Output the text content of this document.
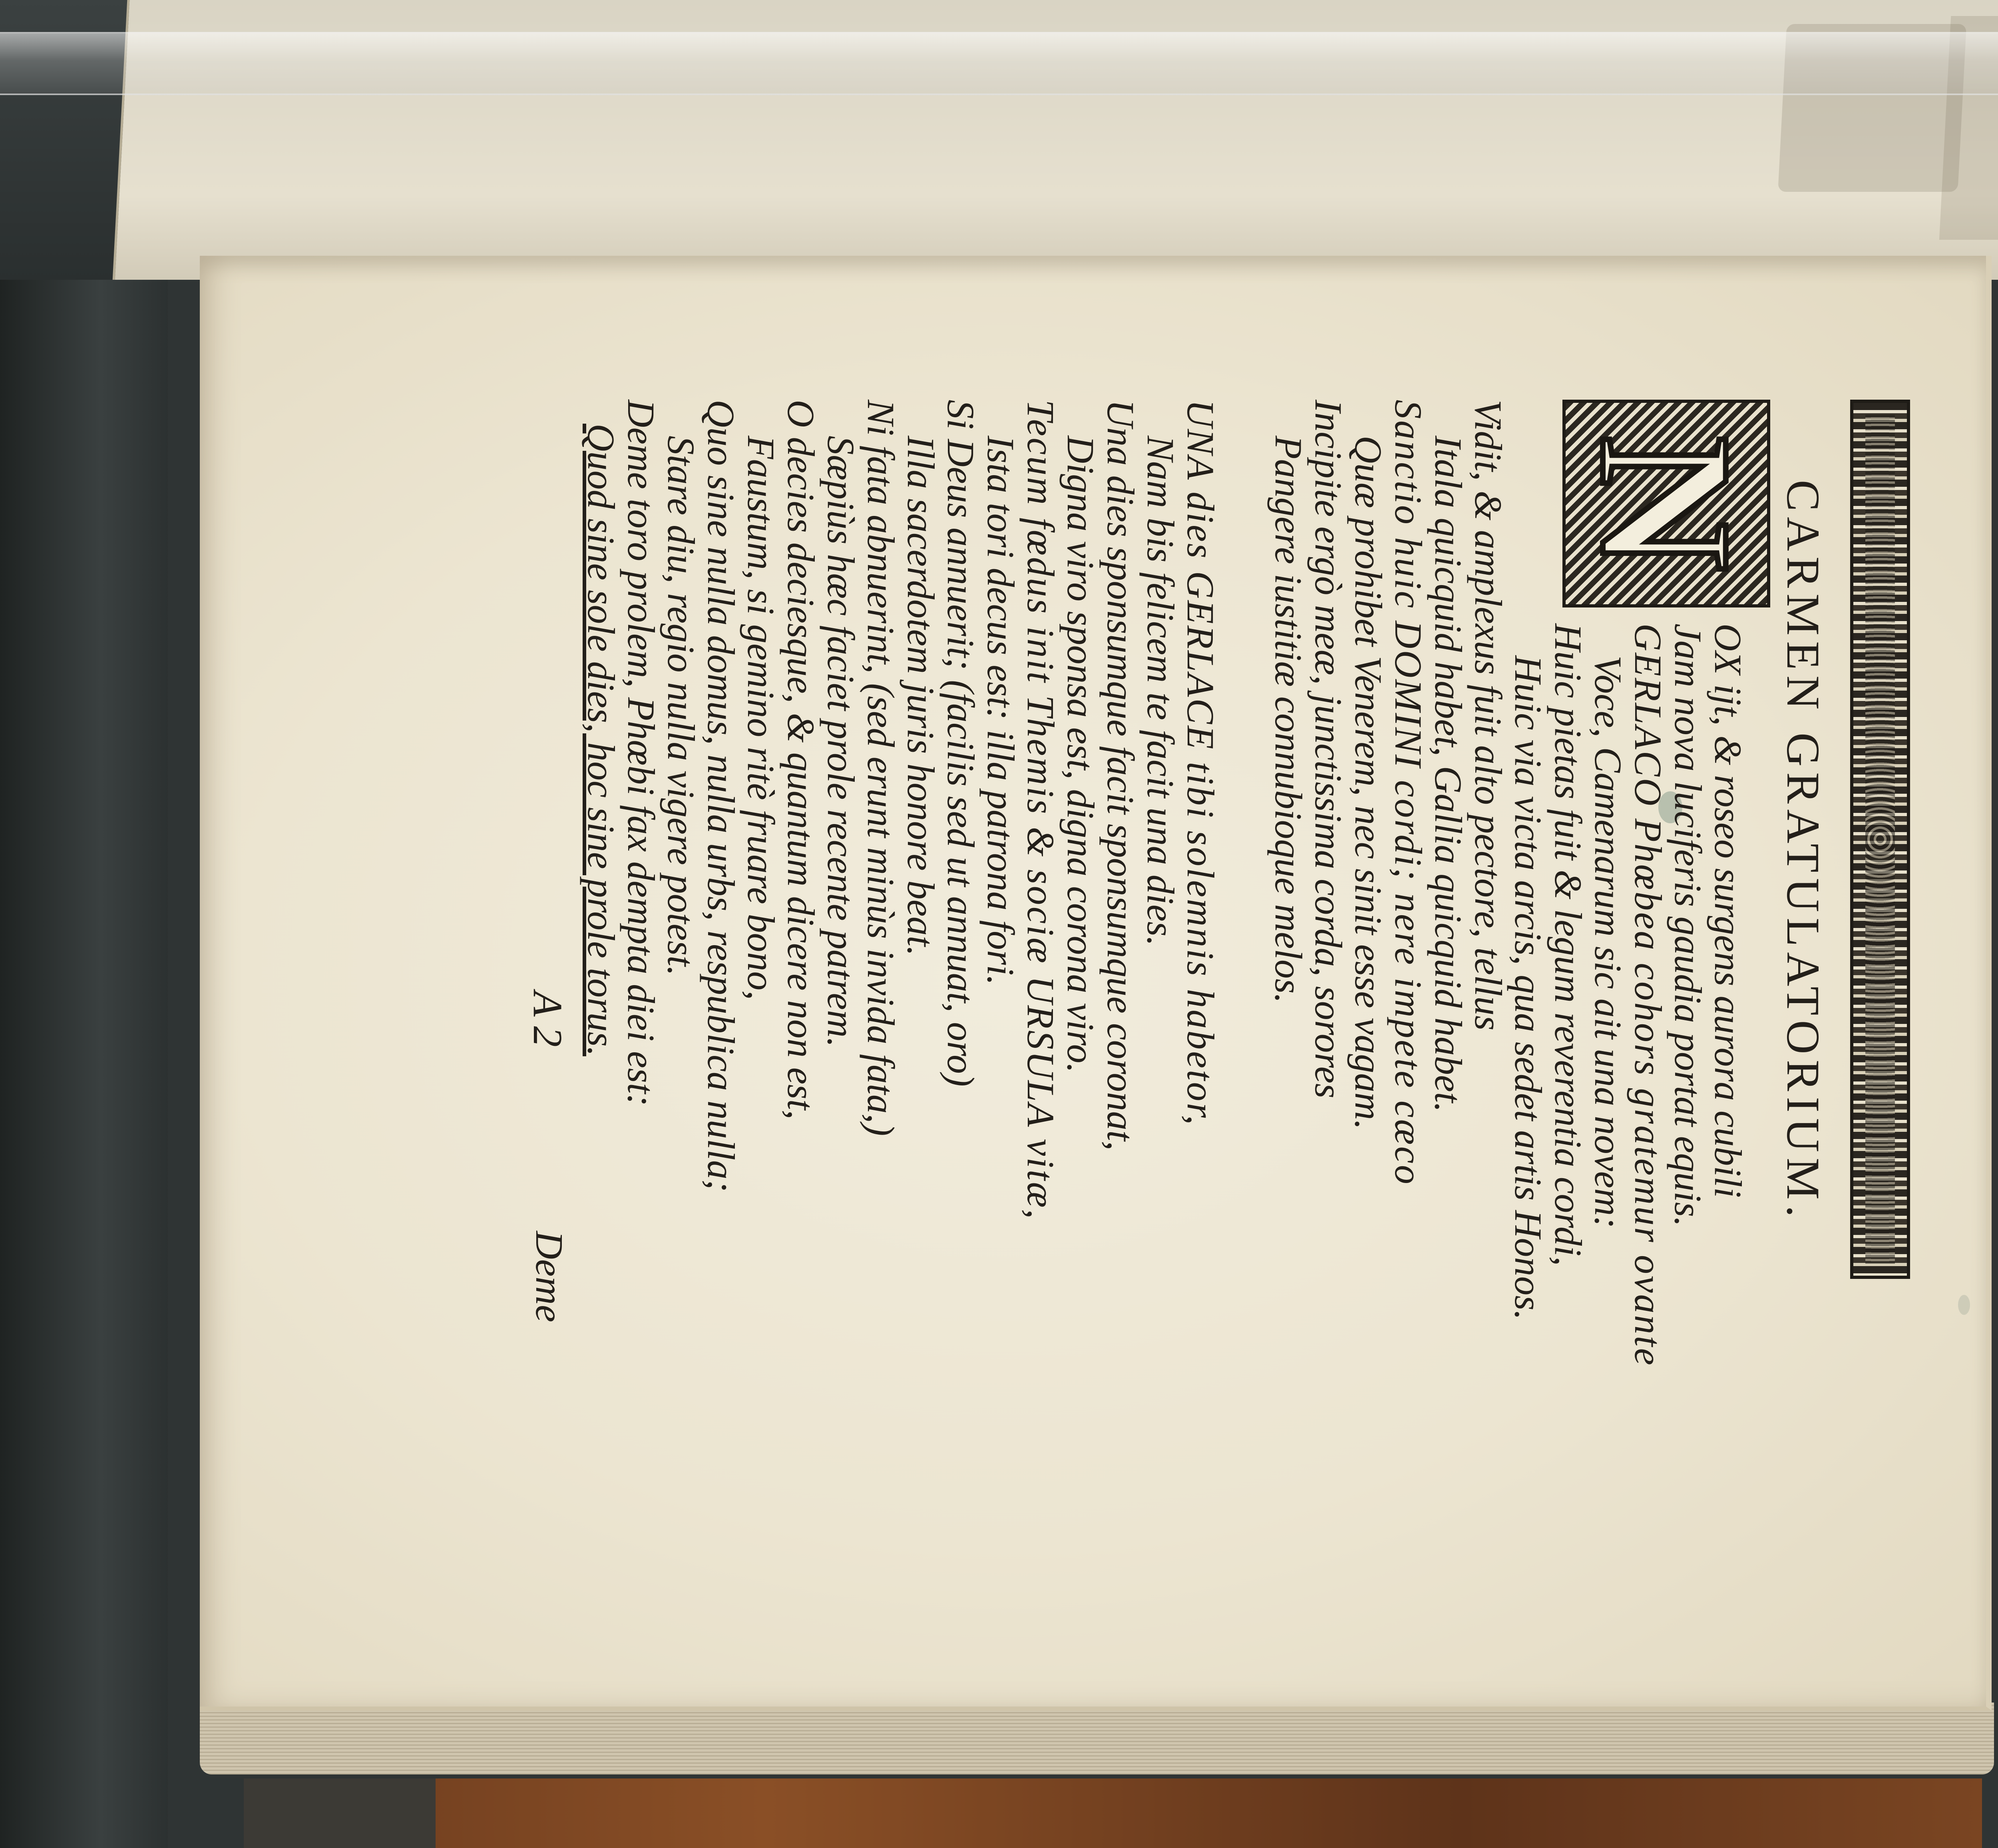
CARMEN GRATULATORIUM.
N
OX ijt, & roseo surgens aurora cubili
Jam nova luciferis gaudia portat equis.
GERLACO Phœbea cohors gratemur ovante
Voce, Camenarum sic ait una novem:
Huic pietas fuit & legum reverentia cordi,
Huic via victa arcis, qua sedet artis Honos.
Vidit, & amplexus fuit alto pectore, tellus
Itala quicquid habet, Gallia quicquid habet.
Sanctio huic DOMINI cordi; nere impete cæco
Quæ prohibet Venerem, nec sinit esse vagam.
Incipite ergò meæ, junctissima corda, sorores
Pangere iustitiæ connubioque melos.
UNA dies GERLACE tibi solemnis habetor,
Nam bis felicem te facit una dies.
Una dies sponsumque facit sponsumque coronat,
Digna viro sponsa est, digna corona viro.
Tecum fœdus init Themis & sociæ URSULA vitæ,
Ista tori decus est: illa patrona fori.
Si Deus annuerit; (facilis sed ut annuat, oro)
Illa sacerdotem juris honore beat.
Ni fata abnuerint, (sed erunt minùs invida fata,)
Sæpiùs hæc faciet prole recente patrem.
O decies deciesque, & quantum dicere non est,
Faustum, si gemino ritè fruare bono,
Quo sine nulla domus, nulla urbs, respublica nulla;
Stare diu, regio nulla vigere potest.
Deme toro prolem, Phœbi fax dempta diei est:
Quod sine sole dies, hoc sine prole torus.
A 2
Deme
